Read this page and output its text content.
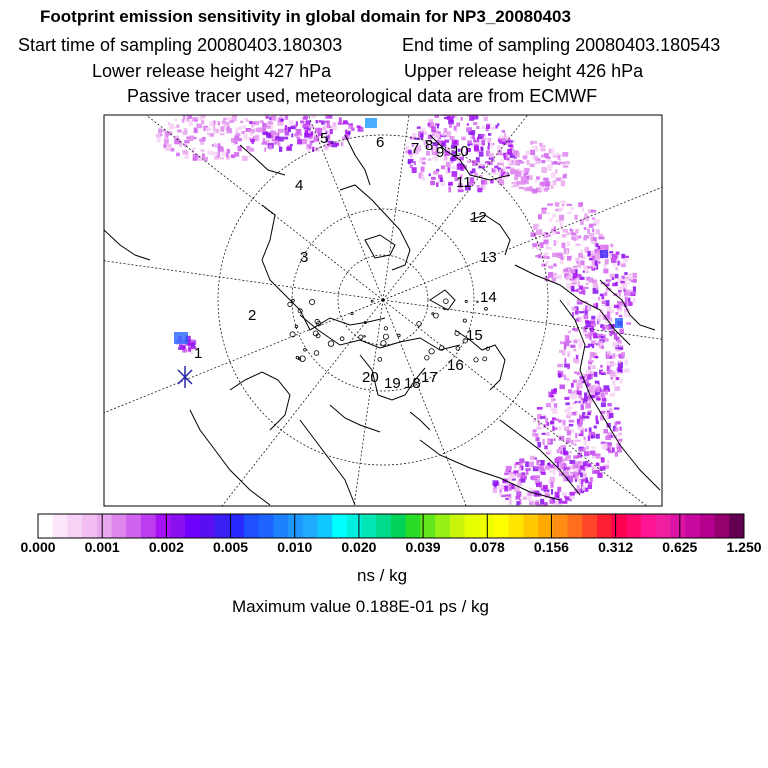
Footprint emission sensitivity in global domain for NP3_20080403
Start time of sampling 20080403.180303	End time of sampling 20080403.180543
Lower release height 427 hPa	Upper release height 426 hPa
Passive tracer used, meteorological data are from ECMWF
1
2
3
4
5	6 7 8 9 10
11
12
13
14
15
16
17
18
19
20
0.000 0.001 0.002 0.005 0.010 0.020 0.039 0.078 0.156 0.312 0.625 1.250
ns / kg
Maximum value 0.188E-01 ps / kg
